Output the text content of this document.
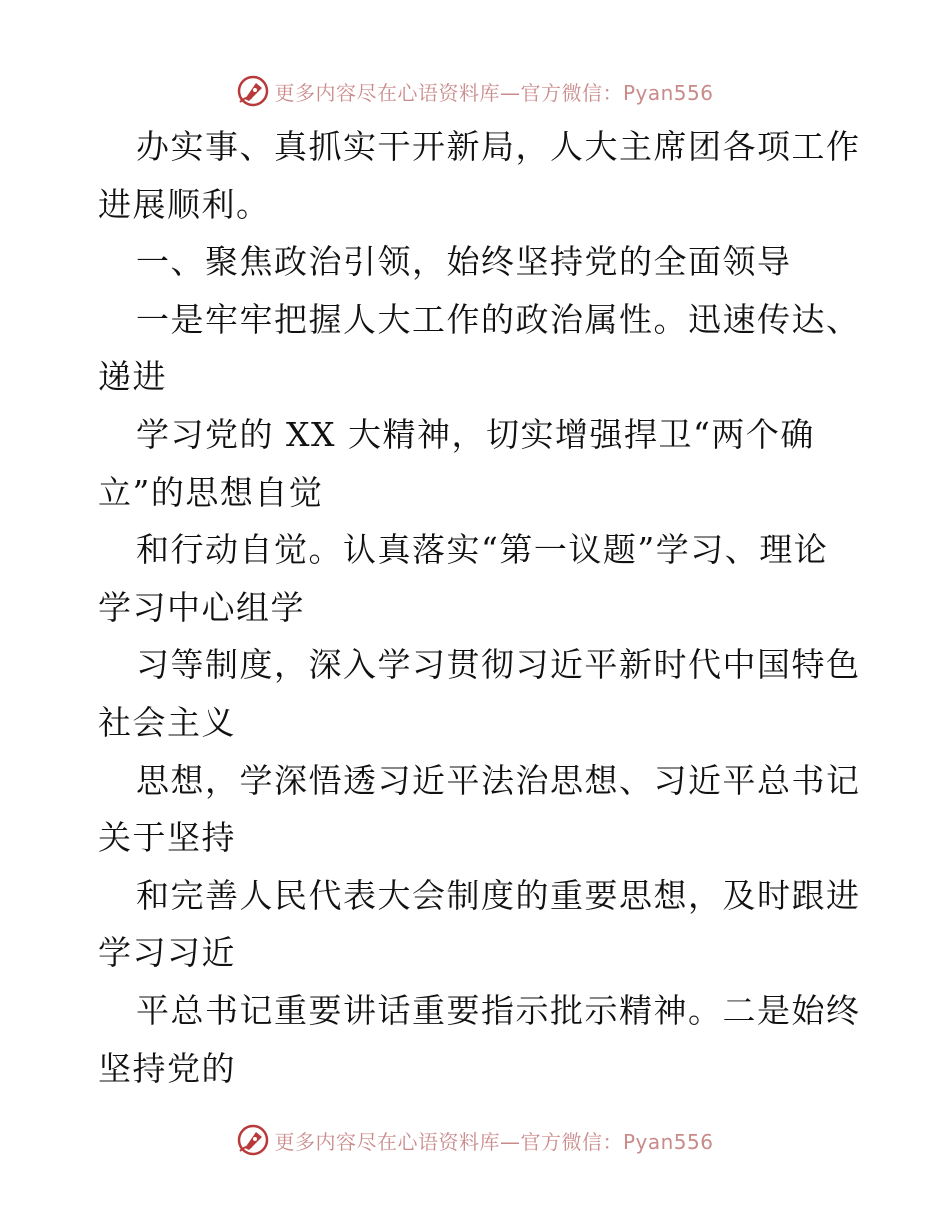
更多内容尽在心语资料库—官方微信：Pyan556
办实事、真抓实干开新局，人大主席团各项工作
进展顺利。
一、聚焦政治引领，始终坚持党的全面领导
一是牢牢把握人大工作的政治属性。迅速传达、
递进
学习党的 XX 大精神，切实增强捍卫“两个确
立”的思想自觉
和行动自觉。认真落实“第一议题”学习、理论
学习中心组学
习等制度，深入学习贯彻习近平新时代中国特色
社会主义
思想，学深悟透习近平法治思想、习近平总书记
关于坚持
和完善人民代表大会制度的重要思想，及时跟进
学习习近
平总书记重要讲话重要指示批示精神。二是始终
坚持党的
更多内容尽在心语资料库—官方微信：Pyan556
